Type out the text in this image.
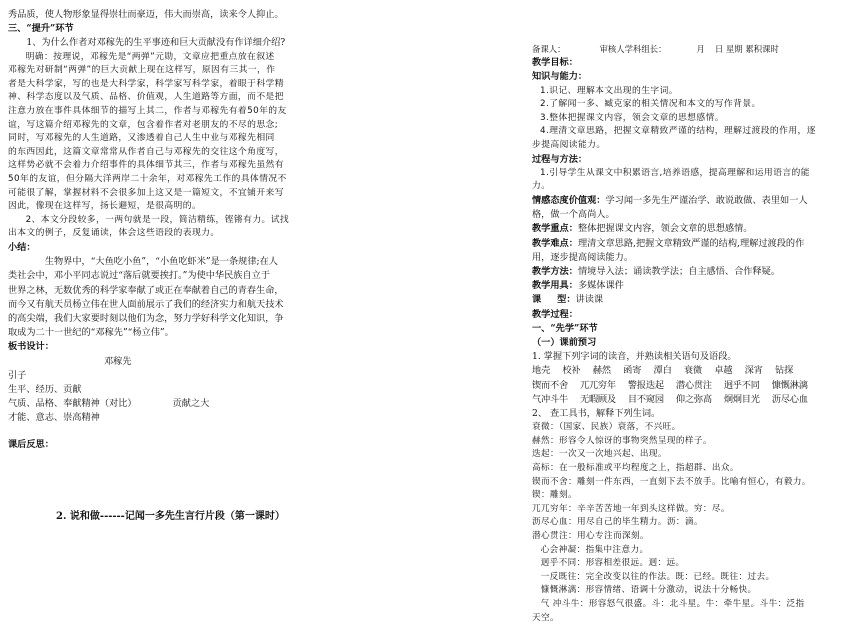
秀品质，使人物形象显得崇壮而豪迈，伟大而崇高，读来令人抑止。

三、“提升”环节

1、为什么作者对邓稼先的生平事迹和巨大贡献没有作详细介绍?

明确：按理说，邓稼先是“两弹”元勋，文章应把重点放在叙述

邓稼先对研制“两弹”的巨大贡献上现在这样写，原因有三其一，作

者是大科学家，写的也是大科学家，科学家写科学家，着眼于科学精

神、科学态度以及气质、品格、价值观，人生道路等方面，而不是把

注意力放在事件具体细节的描写上其二，作者与邓稼先有着50年的友

谊，写这篇介绍邓稼先的文章，包含着作者对老朋友的不尽的思念;

同时，写邓稼先的人生道路，又渗透着自己人生中业与邓稼先相同

的东西因此，这篇文章常常从作者自己与邓稼先的交往这个角度写，

这样势必就不会着力介绍事件的具体细节其三，作者与邓稼先虽然有

50年的友谊，但分隔大洋两岸二十余年，对邓稼先工作的具体情况不

可能很了解，掌握材料不会很多加上这又是一篇短文，不宜铺开来写

因此，像现在这样写，扬长避短，是很高明的。

2、本文分段较多，一两句就是一段，简洁精练，铿锵有力。试找

出本文的例子，反复诵读，体会这些语段的表现力。

小结：

生物界中，“大鱼吃小鱼”，“小鱼吃虾米”是一条规律;在人

类社会中，邓小平同志说过“落后就要挨打。”为使中华民族自立于

世界之林，无数优秀的科学家奉献了或正在奉献着自己的青春生命，

而今又有航天员杨立伟在世人面前展示了我们的经济实力和航天技术

的高尖端，我们大家要时刻以他们为念，努力学好科学文化知识，争

取成为二十一世纪的“邓稼先”“杨立伟”。

板书设计：

邓稼先

引子

生平、经历、贡献

气质、品格、奉献精神（对比）	贡献之大

才能、意志、崇高精神

课后反思：

2. 说和做------记闻一多先生言行片段（第一课时）

备课人：	审核人学科组长：	月 日 星期 累积课时

教学目标：

知识与能力：

1.识记、理解本文出现的生字词。

2.了解闻一多、臧克家的相关情况和本文的写作背景。

3.整体把握课文内容，领会文章的思想感情。

4.理清文章思路，把握文章精致严谨的结构，理解过渡段的作用，逐

步提高阅读能力。

过程与方法：

1.引导学生从课文中积累语言,培养语感，提高理解和运用语言的能

力。

情感态度价值观：学习闻一多先生严谨治学、敢说敢做、表里如一人

格，做一个高尚人。

教学重点：整体把握课文内容，领会文章的思想感情。

教学难点：理清文章思路,把握文章精致严谨的结构,理解过渡段的作

用，逐步提高阅读能力。

教学方法：情境导入法；诵读教学法；自主感悟、合作释疑。

教学用具：多媒体课件

课     型：讲读课

教学过程：

一、“先学”环节

（一）课前预习

1. 掌握下列字词的读音，并熟读相关语句及语段。

地壳 校补 赫然 函寄 潭白 衰微 卓越 深宵 钻探

锲而不舍 兀兀穷年 警报迭起 潜心贯注 迥乎不同 慷慨淋漓

气冲斗牛 无暇顾及 目不窥园 仰之弥高 炯炯目光 沥尽心血

2、 查工具书，解释下列生词。

衰微：（国家、民族）衰落，不兴旺。

赫然：形容令人惊讶的事物突然呈现的样子。

迭起：一次又一次地兴起、出现。

高标：在一般标准或平均程度之上，指超群、出众。

锲而不舍：雕刻一件东西，一直刻下去不放手。比喻有恒心，有毅力。

锲：雕刻。

兀兀穷年：辛辛苦苦地一年到头这样做。穷：尽。

沥尽心血：用尽自己的毕生精力。沥：滴。

潜心贯注：用心专注而深刻。

心会神凝：指集中注意力。

迥乎不同：形容相差很远。迥：远。

一反既往：完全改变以往的作法。既：已经。既往：过去。

慷慨淋漓：形容情绪、语调十分激动，说法十分畅快。

气 冲斗牛：形容怒气很盛。斗：北斗星。牛：牵牛星。斗牛：泛指

天空。
